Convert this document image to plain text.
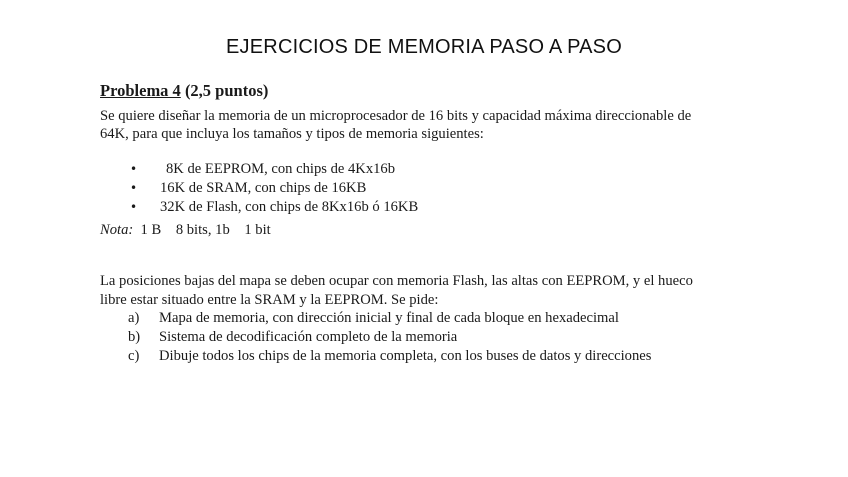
EJERCICIOS DE MEMORIA PASO A PASO

Problema 4 (2,5 puntos)

Se quiere diseñar la memoria de un microprocesador de 16 bits y capacidad máxima direccionable de
64K, para que incluya los tamaños y tipos de memoria siguientes:

• 8K de EEPROM, con chips de 4Kx16b
• 16K de SRAM, con chips de 16KB
• 32K de Flash, con chips de 8Kx16b ó 16KB

Nota:  1 B    8 bits, 1b    1 bit

La posiciones bajas del mapa se deben ocupar con memoria Flash, las altas con EEPROM, y el hueco
libre estar situado entre la SRAM y la EEPROM. Se pide:

a) Mapa de memoria, con dirección inicial y final de cada bloque en hexadecimal
b) Sistema de decodificación completo de la memoria
c) Dibuje todos los chips de la memoria completa, con los buses de datos y direcciones
